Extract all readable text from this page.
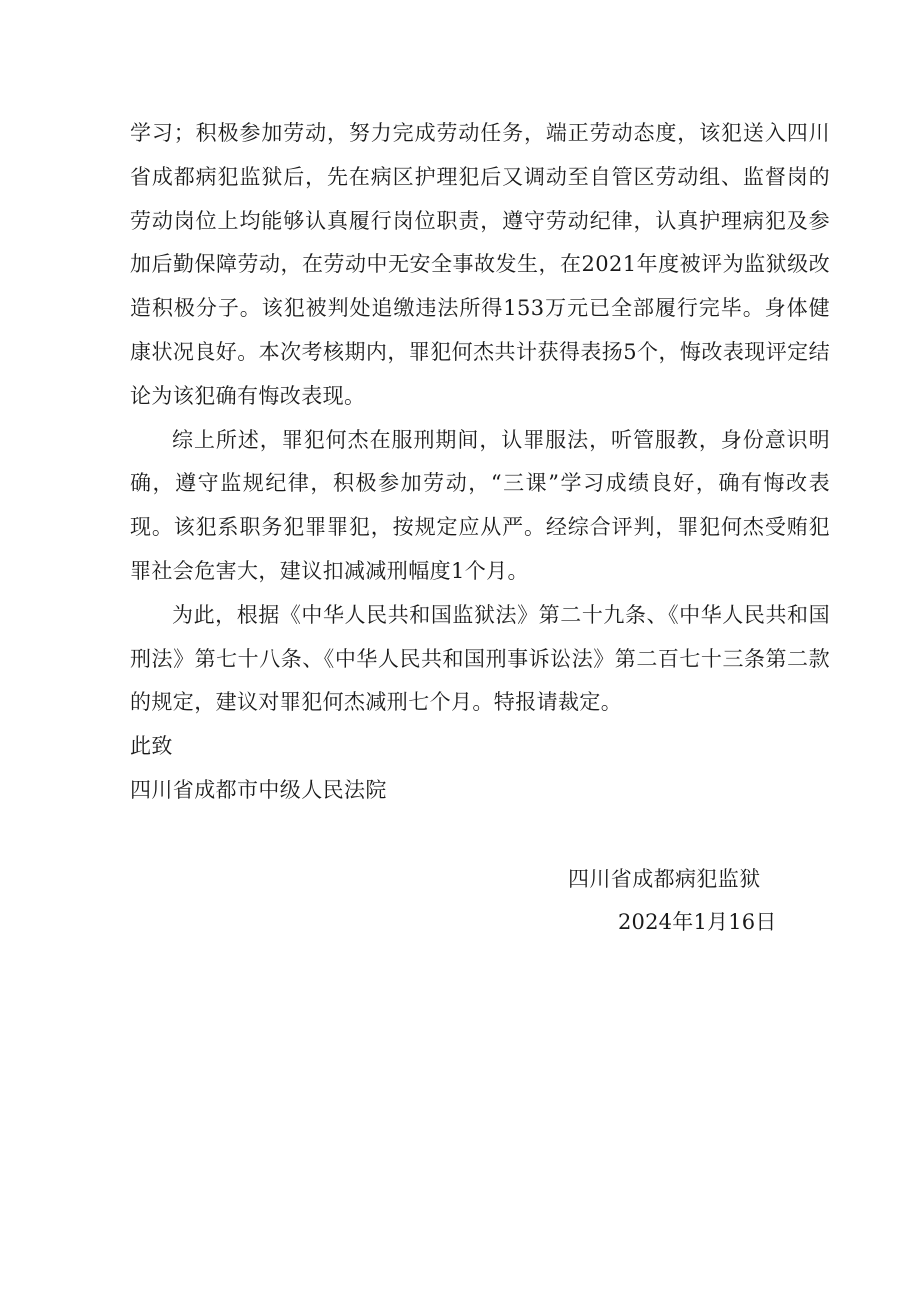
学习；积极参加劳动，努力完成劳动任务，端正劳动态度，该犯送入四川省成都病犯监狱后，先在病区护理犯后又调动至自管区劳动组、监督岗的劳动岗位上均能够认真履行岗位职责，遵守劳动纪律，认真护理病犯及参加后勤保障劳动，在劳动中无安全事故发生，在2021年度被评为监狱级改造积极分子。该犯被判处追缴违法所得153万元已全部履行完毕。身体健康状况良好。本次考核期内，罪犯何杰共计获得表扬5个，悔改表现评定结论为该犯确有悔改表现。

综上所述，罪犯何杰在服刑期间，认罪服法，听管服教，身份意识明确，遵守监规纪律，积极参加劳动，“三课”学习成绩良好，确有悔改表现。该犯系职务犯罪罪犯，按规定应从严。经综合评判，罪犯何杰受贿犯罪社会危害大，建议扣减减刑幅度1个月。

为此，根据《中华人民共和国监狱法》第二十九条、《中华人民共和国刑法》第七十八条、《中华人民共和国刑事诉讼法》第二百七十三条第二款的规定，建议对罪犯何杰减刑七个月。特报请裁定。

此致

四川省成都市中级人民法院

四川省成都病犯监狱
2024年1月16日
